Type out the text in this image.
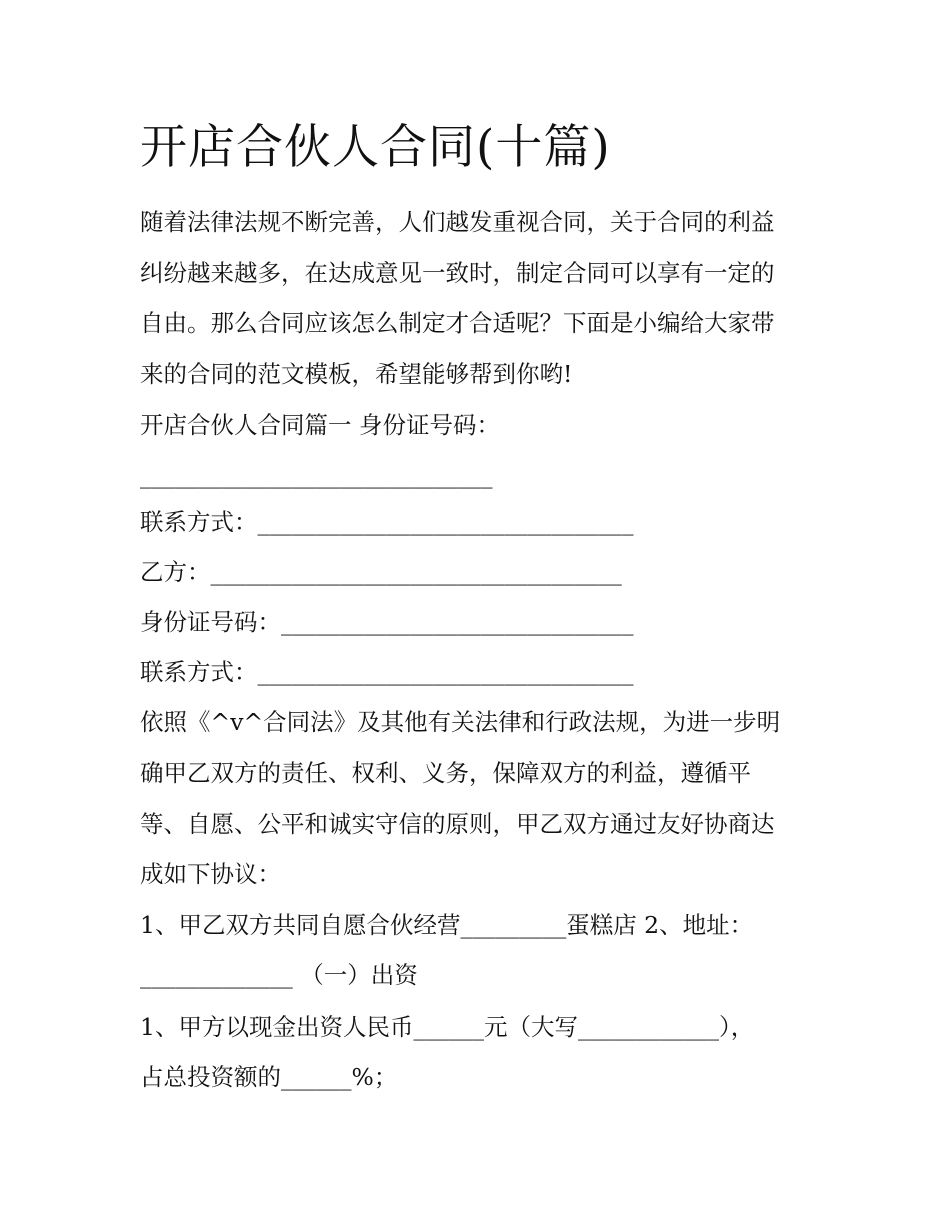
开店合伙人合同(十篇)

随着法律法规不断完善，人们越发重视合同，关于合同的利益

纠纷越来越多，在达成意见一致时，制定合同可以享有一定的

自由。那么合同应该怎么制定才合适呢？下面是小编给大家带

来的合同的范文模板，希望能够帮到你哟!

开店合伙人合同篇一 身份证号码：

______________________________

联系方式：________________________________

乙方：___________________________________

身份证号码：______________________________

联系方式：________________________________

依照《^v^合同法》及其他有关法律和行政法规，为进一步明

确甲乙双方的责任、权利、义务，保障双方的利益，遵循平

等、自愿、公平和诚实守信的原则，甲乙双方通过友好协商达

成如下协议：

1、甲乙双方共同自愿合伙经营_________蛋糕店 2、地址：

_____________ （一）出资

1、甲方以现金出资人民币______元（大写____________），

占总投资额的______%；
